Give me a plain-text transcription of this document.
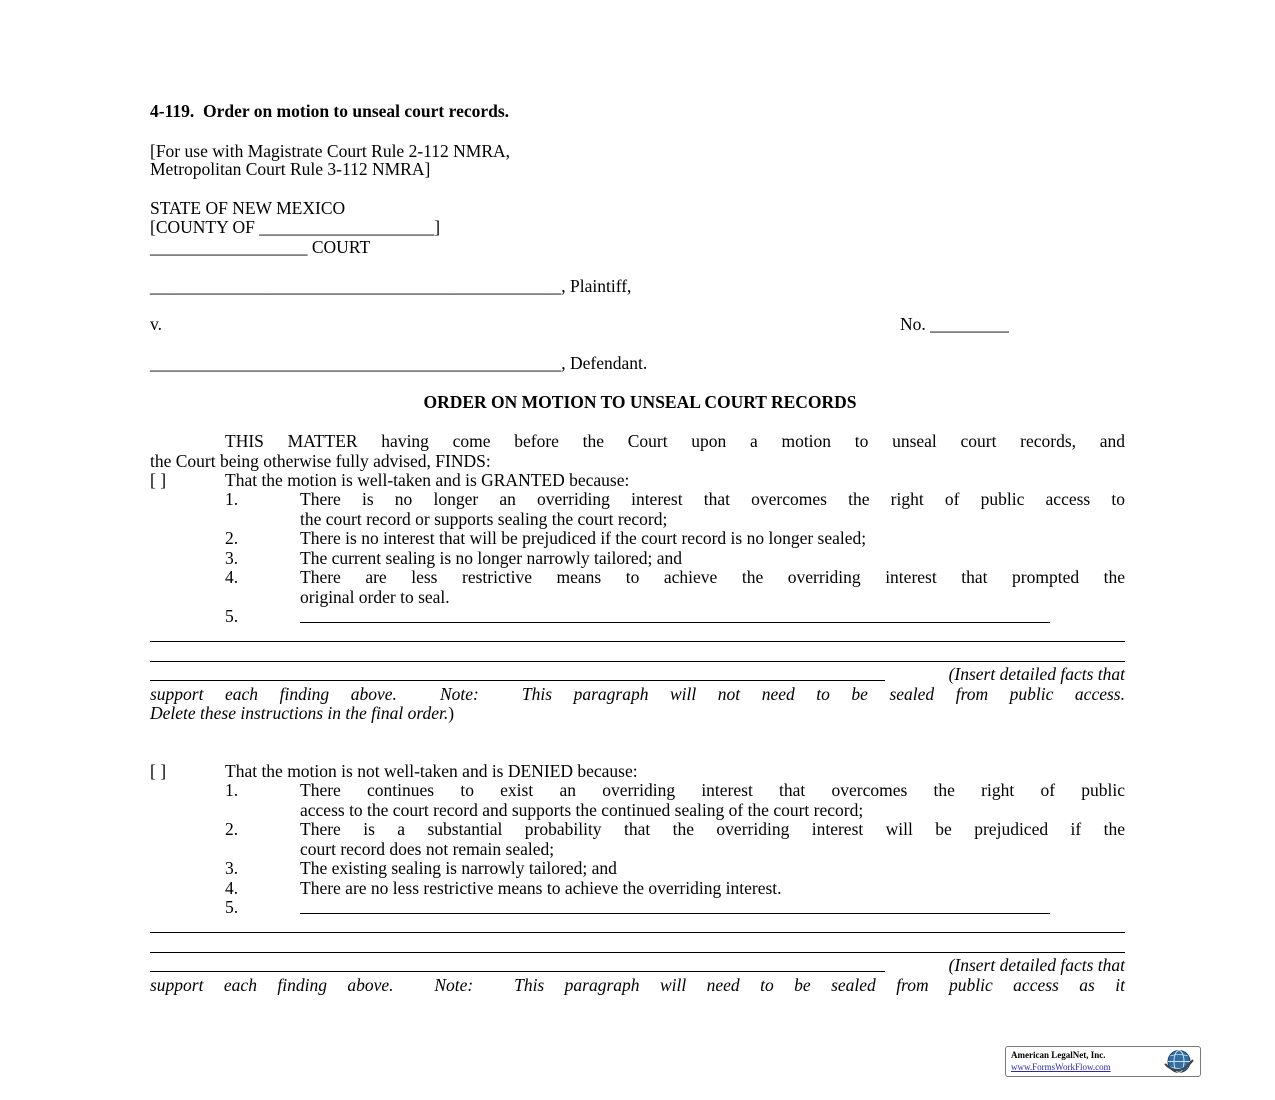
4-119.  Order on motion to unseal court records.
[For use with Magistrate Court Rule 2-112 NMRA,
Metropolitan Court Rule 3-112 NMRA]
STATE OF NEW MEXICO
[COUNTY OF ____________________]
__________________ COURT
_______________________________________________, Plaintiff,
v.	No. _________
_______________________________________________, Defendant.
ORDER ON MOTION TO UNSEAL COURT RECORDS
THIS MATTER having come before the Court upon a motion to unseal court records, and
the Court being otherwise fully advised, FINDS:
[ ]	That the motion is well-taken and is GRANTED because:
1.	There is no longer an overriding interest that overcomes the right of public access to
the court record or supports sealing the court record;
2.	There is no interest that will be prejudiced if the court record is no longer sealed;
3.	The current sealing is no longer narrowly tailored; and
4.	There are less restrictive means to achieve the overriding interest that prompted the
original order to seal.
5.
(Insert detailed facts that
support each finding above.  Note:  This paragraph will not need to be sealed from public access.
Delete these instructions in the final order.)
[ ]	That the motion is not well-taken and is DENIED because:
1.	There continues to exist an overriding interest that overcomes the right of public
access to the court record and supports the continued sealing of the court record;
2.	There is a substantial probability that the overriding interest will be prejudiced if the
court record does not remain sealed;
3.	The existing sealing is narrowly tailored; and
4.	There are no less restrictive means to achieve the overriding interest.
5.
(Insert detailed facts that
support each finding above.  Note:  This paragraph will need to be sealed from public access as it
American LegalNet, Inc.
www.FormsWorkFlow.com
